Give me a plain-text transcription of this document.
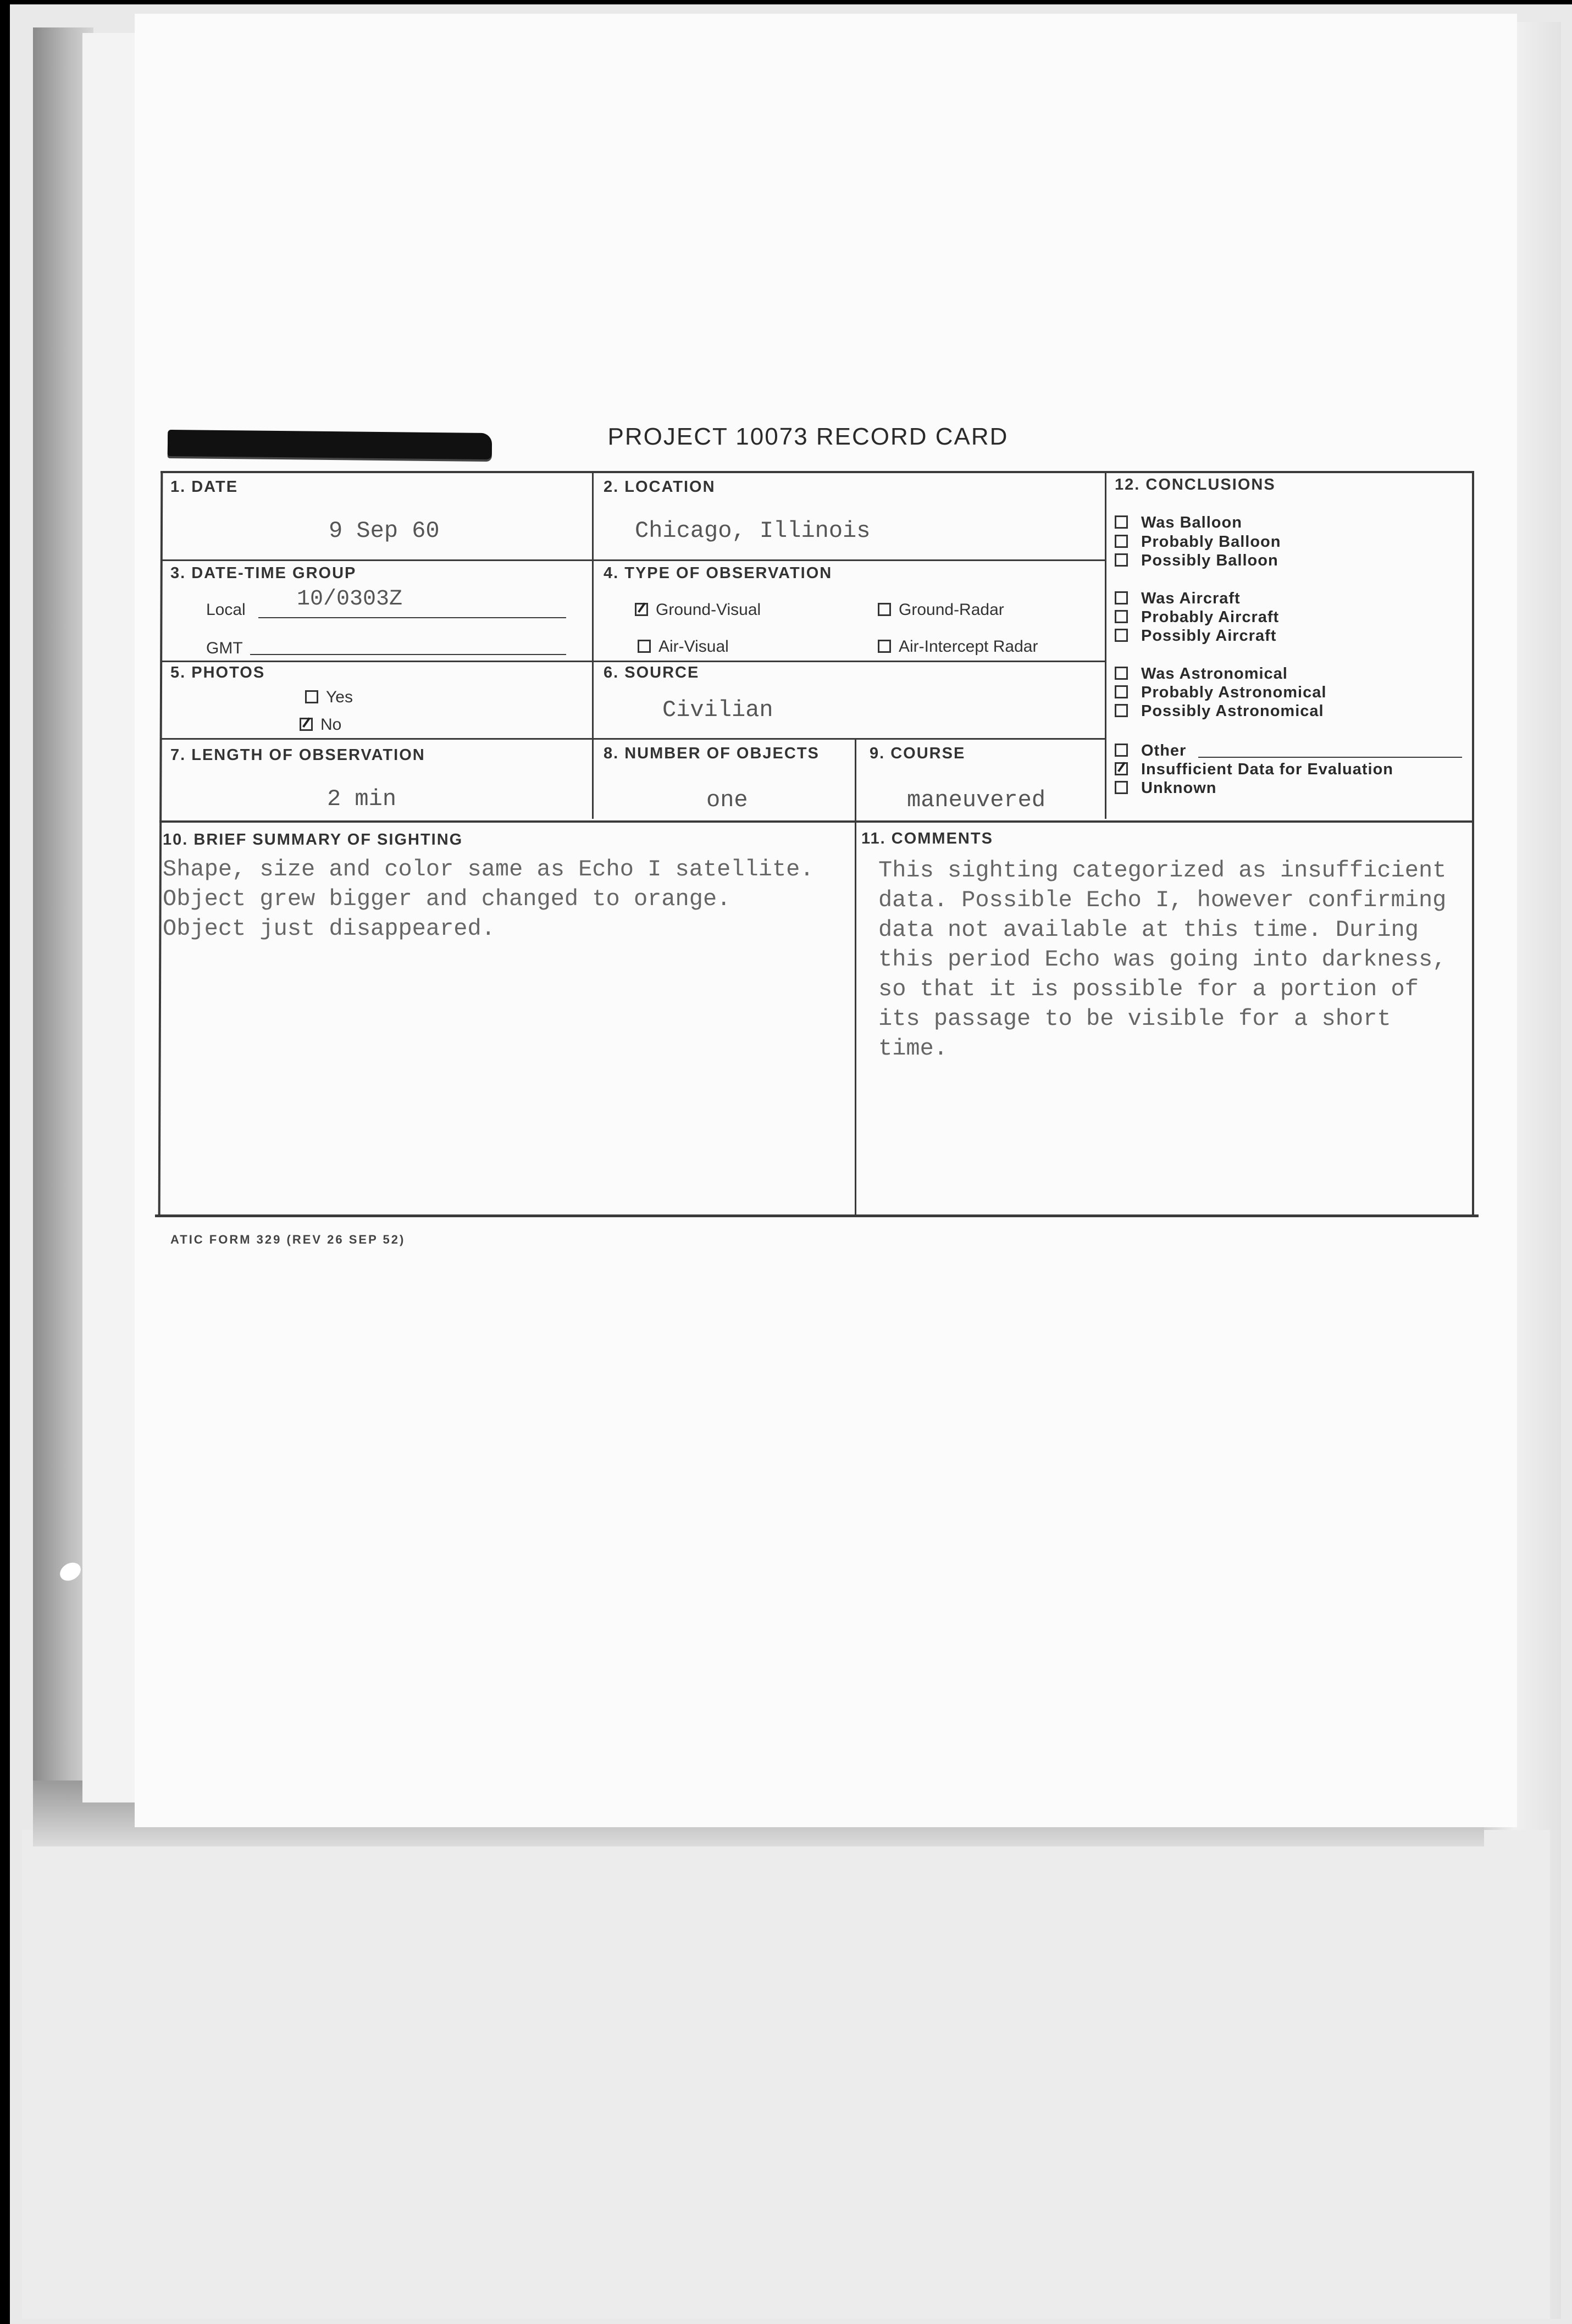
PROJECT 10073 RECORD CARD
1. DATE
9 Sep 60
2. LOCATION
Chicago, Illinois
3. DATE-TIME GROUP
Local 10/0303Z
GMT
4. TYPE OF OBSERVATION
Ground-Visual	Ground-Radar
Air-Visual	Air-Intercept Radar
5. PHOTOS
Yes
No
6. SOURCE
Civilian
7. LENGTH OF OBSERVATION
2 min
8. NUMBER OF OBJECTS
one
9. COURSE
maneuvered
10. BRIEF SUMMARY OF SIGHTING
Shape, size and color same as Echo I satellite.
Object grew bigger and changed to orange.
Object just disappeared.
11. COMMENTS
This sighting categorized as insufficient
data. Possible Echo I, however confirming
data not available at this time. During
this period Echo was going into darkness,
so that it is possible for a portion of
its passage to be visible for a short
time.
12. CONCLUSIONS
Was Balloon
Probably Balloon
Possibly Balloon
Was Aircraft
Probably Aircraft
Possibly Aircraft
Was Astronomical
Probably Astronomical
Possibly Astronomical
Other
Insufficient Data for Evaluation
Unknown
ATIC FORM 329 (REV 26 SEP 52)
